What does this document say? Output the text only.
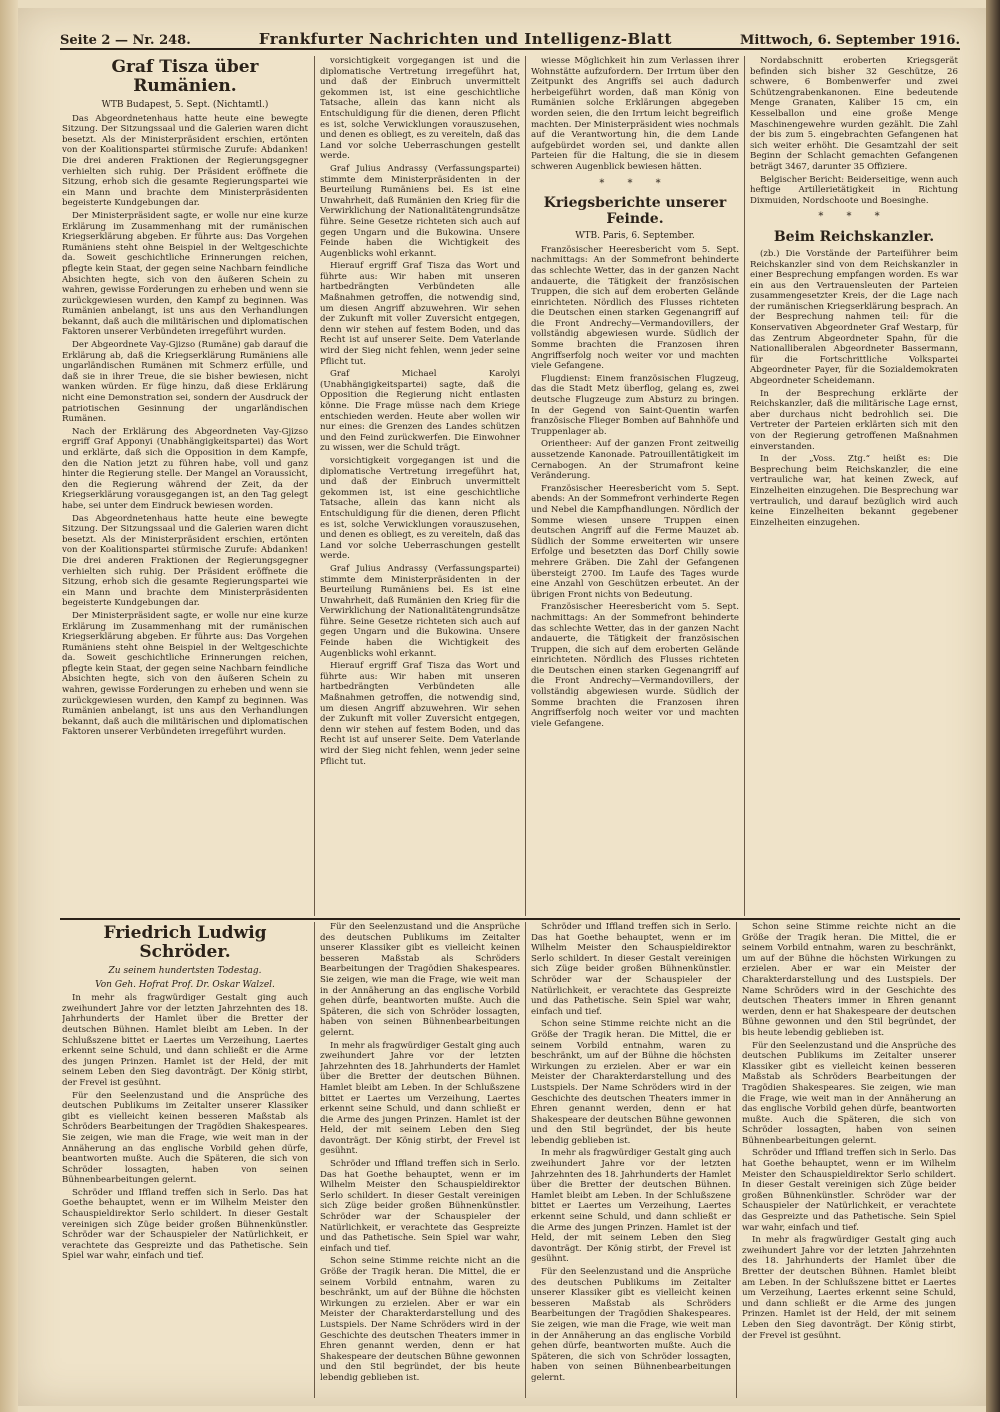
Seite 2 — Nr. 248.	Frankfurter Nachrichten und Intelligenz-Blatt	Mittwoch, 6. September 1916.
Graf Tisza über Rumänien.
WTB Budapest, 5. Sept. (Nichtamtl.)

Das Abgeordnetenhaus hatte heute eine bewegte Sitzung. Der Sitzungssaal und die Galerien waren dicht besetzt. Als der Ministerpräsident erschien, ertönten von der Koalitionspartei stürmische Zurufe: Abdanken! Die drei anderen Fraktionen der Regierungsgegner verhielten sich ruhig. Der Präsident eröffnete die Sitzung, erhob sich die gesamte Regierungspartei wie ein Mann und brachte dem Ministerpräsidenten begeisterte Kundgebungen dar.

Der Ministerpräsident sagte, er wolle nur eine kurze Erklärung im Zusammenhang mit der rumänischen Kriegserklärung abgeben. Er führte aus: Das Vorgehen Rumäniens steht ohne Beispiel in der Weltgeschichte da. Soweit geschichtliche Erinnerungen reichen, pflegte kein Staat, der gegen seine Nachbarn feindliche Absichten hegte, sich von den äußeren Schein zu wahren, gewisse Forderungen zu erheben und wenn sie zurückgewiesen wurden, den Kampf zu beginnen. Was Rumänien anbelangt, ist uns aus den Verhandlungen bekannt, daß auch die militärischen und diplomatischen Faktoren unserer Verbündeten irregeführt wurden.

Der Abgeordnete Vay-Gjizso (Rumäne) gab darauf die Erklärung ab, daß die Kriegserklärung Rumäniens alle ungarländischen Rumänen mit Schmerz erfülle, und daß sie in ihrer Treue, die sie bisher bewiesen, nicht wanken würden. Er füge hinzu, daß diese Erklärung nicht eine Demonstration sei, sondern der Ausdruck der patriotischen Gesinnung der ungarländischen Rumänen.

Nach der Erklärung des Abgeordneten Vay-Gjizso ergriff Graf Apponyi (Unabhängigkeitspartei) das Wort und erklärte, daß sich die Opposition in dem Kampfe, den die Nation jetzt zu führen habe, voll und ganz hinter die Regierung stelle. Der Mangel an Voraussicht, den die Regierung während der Zeit, da der Kriegserklärung vorausgegangen ist, an den Tag gelegt habe, sei unter dem Eindruck bewiesen worden.

Das Abgeordnetenhaus hatte heute eine bewegte Sitzung. Der Sitzungssaal und die Galerien waren dicht besetzt. Als der Ministerpräsident erschien, ertönten von der Koalitionspartei stürmische Zurufe: Abdanken! Die drei anderen Fraktionen der Regierungsgegner verhielten sich ruhig. Der Präsident eröffnete die Sitzung, erhob sich die gesamte Regierungspartei wie ein Mann und brachte dem Ministerpräsidenten begeisterte Kundgebungen dar.

Der Ministerpräsident sagte, er wolle nur eine kurze Erklärung im Zusammenhang mit der rumänischen Kriegserklärung abgeben. Er führte aus: Das Vorgehen Rumäniens steht ohne Beispiel in der Weltgeschichte da. Soweit geschichtliche Erinnerungen reichen, pflegte kein Staat, der gegen seine Nachbarn feindliche Absichten hegte, sich von den äußeren Schein zu wahren, gewisse Forderungen zu erheben und wenn sie zurückgewiesen wurden, den Kampf zu beginnen. Was Rumänien anbelangt, ist uns aus den Verhandlungen bekannt, daß auch die militärischen und diplomatischen Faktoren unserer Verbündeten irregeführt wurden.

vorsichtigkeit vorgegangen ist und die diplomatische Vertretung irregeführt hat, und daß der Einbruch unvermittelt gekommen ist, ist eine geschichtliche Tatsache, allein das kann nicht als Entschuldigung für die dienen, deren Pflicht es ist, solche Verwicklungen vorauszusehen, und denen es obliegt, es zu vereiteln, daß das Land vor solche Ueberraschungen gestellt werde.

Graf Julius Andrassy (Verfassungspartei) stimmte dem Ministerpräsidenten in der Beurteilung Rumäniens bei. Es ist eine Unwahrheit, daß Rumänien den Krieg für die Verwirklichung der Nationalitätengrundsätze führe. Seine Gesetze richteten sich auch auf gegen Ungarn und die Bukowina. Unsere Feinde haben die Wichtigkeit des Augenblicks wohl erkannt.

Hierauf ergriff Graf Tisza das Wort und führte aus: Wir haben mit unseren hartbedrängten Verbündeten alle Maßnahmen getroffen, die notwendig sind, um diesen Angriff abzuwehren. Wir sehen der Zukunft mit voller Zuversicht entgegen, denn wir stehen auf festem Boden, und das Recht ist auf unserer Seite. Dem Vaterlande wird der Sieg nicht fehlen, wenn jeder seine Pflicht tut.

Graf Michael Karolyi (Unabhängigkeitspartei) sagte, daß die Opposition die Regierung nicht entlasten könne. Die Frage müsse nach dem Kriege entschieden werden. Heute aber wollen wir nur eines: die Grenzen des Landes schützen und den Feind zurückwerfen. Die Einwohner zu wissen, wer die Schuld trägt.

vorsichtigkeit vorgegangen ist und die diplomatische Vertretung irregeführt hat, und daß der Einbruch unvermittelt gekommen ist, ist eine geschichtliche Tatsache, allein das kann nicht als Entschuldigung für die dienen, deren Pflicht es ist, solche Verwicklungen vorauszusehen, und denen es obliegt, es zu vereiteln, daß das Land vor solche Ueberraschungen gestellt werde.

Graf Julius Andrassy (Verfassungspartei) stimmte dem Ministerpräsidenten in der Beurteilung Rumäniens bei. Es ist eine Unwahrheit, daß Rumänien den Krieg für die Verwirklichung der Nationalitätengrundsätze führe. Seine Gesetze richteten sich auch auf gegen Ungarn und die Bukowina. Unsere Feinde haben die Wichtigkeit des Augenblicks wohl erkannt.

Hierauf ergriff Graf Tisza das Wort und führte aus: Wir haben mit unseren hartbedrängten Verbündeten alle Maßnahmen getroffen, die notwendig sind, um diesen Angriff abzuwehren. Wir sehen der Zukunft mit voller Zuversicht entgegen, denn wir stehen auf festem Boden, und das Recht ist auf unserer Seite. Dem Vaterlande wird der Sieg nicht fehlen, wenn jeder seine Pflicht tut.

wiesse Möglichkeit hin zum Verlassen ihrer Wohnstätte aufzufordern. Der Irrtum über den Zeitpunkt des Angriffs sei auch dadurch herbeigeführt worden, daß man König von Rumänien solche Erklärungen abgegeben worden seien, die den Irrtum leicht begreiflich machten. Der Ministerpräsident wies nochmals auf die Verantwortung hin, die dem Lande aufgebürdet worden sei, und dankte allen Parteien für die Haltung, die sie in diesem schweren Augenblick bewiesen hätten.

* * *
Kriegsberichte unserer Feinde.
WTB. Paris, 6. September.

Französischer Heeresbericht vom 5. Sept. nachmittags: An der Sommefront behinderte das schlechte Wetter, das in der ganzen Nacht andauerte, die Tätigkeit der französischen Truppen, die sich auf dem eroberten Gelände einrichteten. Nördlich des Flusses richteten die Deutschen einen starken Gegenangriff auf die Front Andrechy—Vermandovillers, der vollständig abgewiesen wurde. Südlich der Somme brachten die Franzosen ihren Angriffserfolg noch weiter vor und machten viele Gefangene.

Flugdienst: Einem französischen Flugzeug, das die Stadt Metz überflog, gelang es, zwei deutsche Flugzeuge zum Absturz zu bringen. In der Gegend von Saint-Quentin warfen französische Flieger Bomben auf Bahnhöfe und Truppenlager ab.

Orientheer: Auf der ganzen Front zeitweilig aussetzende Kanonade. Patrouillentätigkeit im Cernabogen. An der Strumafront keine Veränderung.

Französischer Heeresbericht vom 5. Sept. abends: An der Sommefront verhinderte Regen und Nebel die Kampfhandlungen. Nördlich der Somme wiesen unsere Truppen einen deutschen Angriff auf die Ferme Mauzet ab. Südlich der Somme erweiterten wir unsere Erfolge und besetzten das Dorf Chilly sowie mehrere Gräben. Die Zahl der Gefangenen übersteigt 2700. Im Laufe des Tages wurde eine Anzahl von Geschützen erbeutet. An der übrigen Front nichts von Bedeutung.

Französischer Heeresbericht vom 5. Sept. nachmittags: An der Sommefront behinderte das schlechte Wetter, das in der ganzen Nacht andauerte, die Tätigkeit der französischen Truppen, die sich auf dem eroberten Gelände einrichteten. Nördlich des Flusses richteten die Deutschen einen starken Gegenangriff auf die Front Andrechy—Vermandovillers, der vollständig abgewiesen wurde. Südlich der Somme brachten die Franzosen ihren Angriffserfolg noch weiter vor und machten viele Gefangene.

Nordabschnitt eroberten Kriegsgerät befinden sich bisher 32 Geschütze, 26 schwere, 6 Bombenwerfer und zwei Schützengrabenkanonen. Eine bedeutende Menge Granaten, Kaliber 15 cm, ein Kesselballon und eine große Menge Maschinengewehre wurden gezählt. Die Zahl der bis zum 5. eingebrachten Gefangenen hat sich weiter erhöht. Die Gesamtzahl der seit Beginn der Schlacht gemachten Gefangenen beträgt 3467, darunter 35 Offiziere.

Belgischer Bericht: Beiderseitige, wenn auch heftige Artillerietätigkeit in Richtung Dixmuiden, Nordschoote und Boesinghe.

* * *
Beim Reichskanzler.

(zb.) Die Vorstände der Parteiführer beim Reichskanzler sind von dem Reichskanzler in einer Besprechung empfangen worden. Es war ein aus den Vertrauensleuten der Parteien zusammengesetzter Kreis, der die Lage nach der rumänischen Kriegserklärung besprach. An der Besprechung nahmen teil: für die Konservativen Abgeordneter Graf Westarp, für das Zentrum Abgeordneter Spahn, für die Nationalliberalen Abgeordneter Bassermann, für die Fortschrittliche Volkspartei Abgeordneter Payer, für die Sozialdemokraten Abgeordneter Scheidemann.

In der Besprechung erklärte der Reichskanzler, daß die militärische Lage ernst, aber durchaus nicht bedrohlich sei. Die Vertreter der Parteien erklärten sich mit den von der Regierung getroffenen Maßnahmen einverstanden.

In der „Voss. Ztg.“ heißt es: Die Besprechung beim Reichskanzler, die eine vertrauliche war, hat keinen Zweck, auf Einzelheiten einzugehen. Die Besprechung war vertraulich, und darauf bezüglich wird auch keine Einzelheiten bekannt gegebener Einzelheiten einzugehen.

Friedrich Ludwig Schröder.
Zu seinem hundertsten Todestag.
Von Geh. Hofrat Prof. Dr. Oskar Walzel.

In mehr als fragwürdiger Gestalt ging auch zweihundert Jahre vor der letzten Jahrzehnten des 18. Jahrhunderts der Hamlet über die Bretter der deutschen Bühnen. Hamlet bleibt am Leben. In der Schlußszene bittet er Laertes um Verzeihung, Laertes erkennt seine Schuld, und dann schließt er die Arme des jungen Prinzen. Hamlet ist der Held, der mit seinem Leben den Sieg davonträgt. Der König stirbt, der Frevel ist gesühnt.

Für den Seelenzustand und die Ansprüche des deutschen Publikums im Zeitalter unserer Klassiker gibt es vielleicht keinen besseren Maßstab als Schröders Bearbeitungen der Tragödien Shakespeares. Sie zeigen, wie man die Frage, wie weit man in der Annäherung an das englische Vorbild gehen dürfe, beantworten mußte. Auch die Späteren, die sich von Schröder lossagten, haben von seinen Bühnenbearbeitungen gelernt.

Schröder und Iffland treffen sich in Serlo. Das hat Goethe behauptet, wenn er im Wilhelm Meister den Schauspieldirektor Serlo schildert. In dieser Gestalt vereinigen sich Züge beider großen Bühnenkünstler. Schröder war der Schauspieler der Natürlichkeit, er verachtete das Gespreizte und das Pathetische. Sein Spiel war wahr, einfach und tief.

Für den Seelenzustand und die Ansprüche des deutschen Publikums im Zeitalter unserer Klassiker gibt es vielleicht keinen besseren Maßstab als Schröders Bearbeitungen der Tragödien Shakespeares. Sie zeigen, wie man die Frage, wie weit man in der Annäherung an das englische Vorbild gehen dürfe, beantworten mußte. Auch die Späteren, die sich von Schröder lossagten, haben von seinen Bühnenbearbeitungen gelernt.

In mehr als fragwürdiger Gestalt ging auch zweihundert Jahre vor der letzten Jahrzehnten des 18. Jahrhunderts der Hamlet über die Bretter der deutschen Bühnen. Hamlet bleibt am Leben. In der Schlußszene bittet er Laertes um Verzeihung, Laertes erkennt seine Schuld, und dann schließt er die Arme des jungen Prinzen. Hamlet ist der Held, der mit seinem Leben den Sieg davonträgt. Der König stirbt, der Frevel ist gesühnt.

Schröder und Iffland treffen sich in Serlo. Das hat Goethe behauptet, wenn er im Wilhelm Meister den Schauspieldirektor Serlo schildert. In dieser Gestalt vereinigen sich Züge beider großen Bühnenkünstler. Schröder war der Schauspieler der Natürlichkeit, er verachtete das Gespreizte und das Pathetische. Sein Spiel war wahr, einfach und tief.

Schon seine Stimme reichte nicht an die Größe der Tragik heran. Die Mittel, die er seinem Vorbild entnahm, waren zu beschränkt, um auf der Bühne die höchsten Wirkungen zu erzielen. Aber er war ein Meister der Charakterdarstellung und des Lustspiels. Der Name Schröders wird in der Geschichte des deutschen Theaters immer in Ehren genannt werden, denn er hat Shakespeare der deutschen Bühne gewonnen und den Stil begründet, der bis heute lebendig geblieben ist.

Schröder und Iffland treffen sich in Serlo. Das hat Goethe behauptet, wenn er im Wilhelm Meister den Schauspieldirektor Serlo schildert. In dieser Gestalt vereinigen sich Züge beider großen Bühnenkünstler. Schröder war der Schauspieler der Natürlichkeit, er verachtete das Gespreizte und das Pathetische. Sein Spiel war wahr, einfach und tief.

Schon seine Stimme reichte nicht an die Größe der Tragik heran. Die Mittel, die er seinem Vorbild entnahm, waren zu beschränkt, um auf der Bühne die höchsten Wirkungen zu erzielen. Aber er war ein Meister der Charakterdarstellung und des Lustspiels. Der Name Schröders wird in der Geschichte des deutschen Theaters immer in Ehren genannt werden, denn er hat Shakespeare der deutschen Bühne gewonnen und den Stil begründet, der bis heute lebendig geblieben ist.

In mehr als fragwürdiger Gestalt ging auch zweihundert Jahre vor der letzten Jahrzehnten des 18. Jahrhunderts der Hamlet über die Bretter der deutschen Bühnen. Hamlet bleibt am Leben. In der Schlußszene bittet er Laertes um Verzeihung, Laertes erkennt seine Schuld, und dann schließt er die Arme des jungen Prinzen. Hamlet ist der Held, der mit seinem Leben den Sieg davonträgt. Der König stirbt, der Frevel ist gesühnt.

Für den Seelenzustand und die Ansprüche des deutschen Publikums im Zeitalter unserer Klassiker gibt es vielleicht keinen besseren Maßstab als Schröders Bearbeitungen der Tragödien Shakespeares. Sie zeigen, wie man die Frage, wie weit man in der Annäherung an das englische Vorbild gehen dürfe, beantworten mußte. Auch die Späteren, die sich von Schröder lossagten, haben von seinen Bühnenbearbeitungen gelernt.

Schon seine Stimme reichte nicht an die Größe der Tragik heran. Die Mittel, die er seinem Vorbild entnahm, waren zu beschränkt, um auf der Bühne die höchsten Wirkungen zu erzielen. Aber er war ein Meister der Charakterdarstellung und des Lustspiels. Der Name Schröders wird in der Geschichte des deutschen Theaters immer in Ehren genannt werden, denn er hat Shakespeare der deutschen Bühne gewonnen und den Stil begründet, der bis heute lebendig geblieben ist.

Für den Seelenzustand und die Ansprüche des deutschen Publikums im Zeitalter unserer Klassiker gibt es vielleicht keinen besseren Maßstab als Schröders Bearbeitungen der Tragödien Shakespeares. Sie zeigen, wie man die Frage, wie weit man in der Annäherung an das englische Vorbild gehen dürfe, beantworten mußte. Auch die Späteren, die sich von Schröder lossagten, haben von seinen Bühnenbearbeitungen gelernt.

Schröder und Iffland treffen sich in Serlo. Das hat Goethe behauptet, wenn er im Wilhelm Meister den Schauspieldirektor Serlo schildert. In dieser Gestalt vereinigen sich Züge beider großen Bühnenkünstler. Schröder war der Schauspieler der Natürlichkeit, er verachtete das Gespreizte und das Pathetische. Sein Spiel war wahr, einfach und tief.

In mehr als fragwürdiger Gestalt ging auch zweihundert Jahre vor der letzten Jahrzehnten des 18. Jahrhunderts der Hamlet über die Bretter der deutschen Bühnen. Hamlet bleibt am Leben. In der Schlußszene bittet er Laertes um Verzeihung, Laertes erkennt seine Schuld, und dann schließt er die Arme des jungen Prinzen. Hamlet ist der Held, der mit seinem Leben den Sieg davonträgt. Der König stirbt, der Frevel ist gesühnt.
